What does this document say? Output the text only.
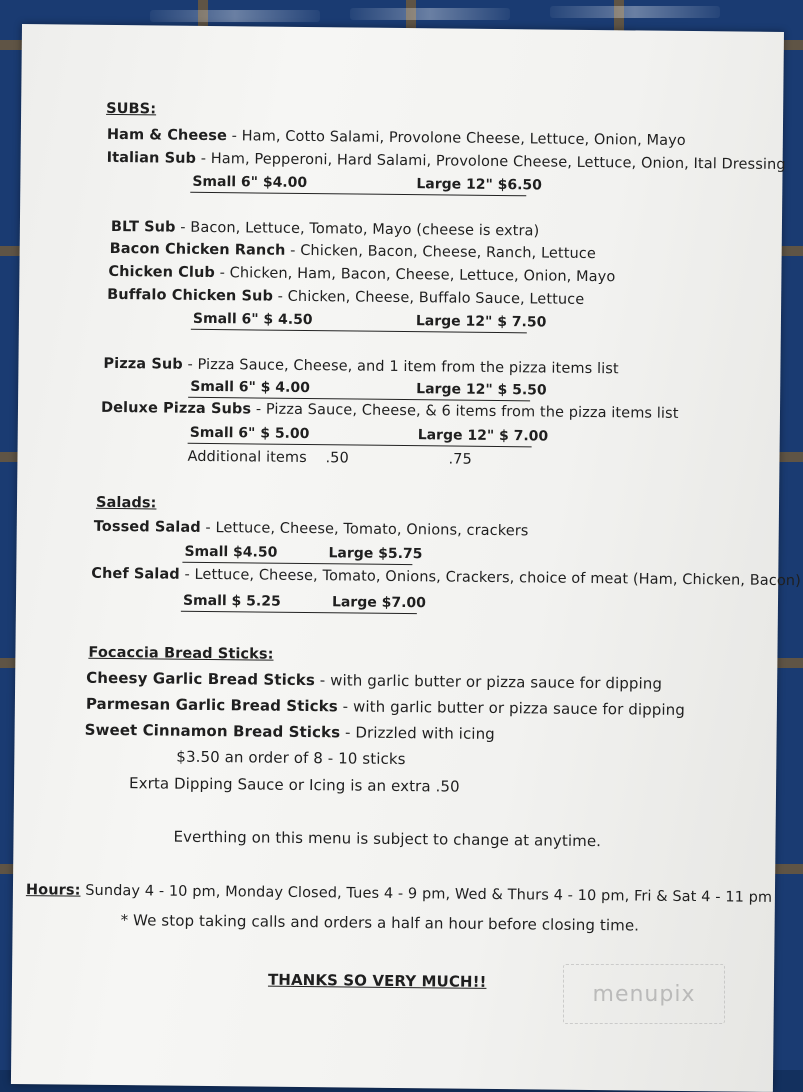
SUBS:
Ham & Cheese - Ham, Cotto Salami, Provolone Cheese, Lettuce, Onion, Mayo
Italian Sub - Ham, Pepperoni, Hard Salami, Provolone Cheese, Lettuce, Onion, Ital Dressing
Small 6" $4.00	Large 12" $6.50
BLT Sub - Bacon, Lettuce, Tomato, Mayo (cheese is extra)
Bacon Chicken Ranch - Chicken, Bacon, Cheese, Ranch, Lettuce
Chicken Club - Chicken, Ham, Bacon, Cheese, Lettuce, Onion, Mayo
Buffalo Chicken Sub - Chicken, Cheese, Buffalo Sauce, Lettuce
Small 6" $ 4.50	Large 12" $ 7.50
Pizza Sub - Pizza Sauce, Cheese, and 1 item from the pizza items list
Small 6" $ 4.00	Large 12" $ 5.50
Deluxe Pizza Subs - Pizza Sauce, Cheese, & 6 items from the pizza items list
Small 6" $ 5.00	Large 12" $ 7.00
Additional items .50	.75
Salads:
Tossed Salad - Lettuce, Cheese, Tomato, Onions, crackers
Small $4.50	Large $5.75
Chef Salad - Lettuce, Cheese, Tomato, Onions, Crackers, choice of meat (Ham, Chicken, Bacon)
Small $ 5.25	Large $7.00
Focaccia Bread Sticks:
Cheesy Garlic Bread Sticks - with garlic butter or pizza sauce for dipping
Parmesan Garlic Bread Sticks - with garlic butter or pizza sauce for dipping
Sweet Cinnamon Bread Sticks - Drizzled with icing
$3.50 an order of 8 - 10 sticks
Exrta Dipping Sauce or Icing is an extra .50
Everthing on this menu is subject to change at anytime.
Hours: Sunday 4 - 10 pm, Monday Closed, Tues 4 - 9 pm, Wed & Thurs 4 - 10 pm, Fri & Sat 4 - 11 pm
* We stop taking calls and orders a half an hour before closing time.
THANKS SO VERY MUCH!!
menupix
